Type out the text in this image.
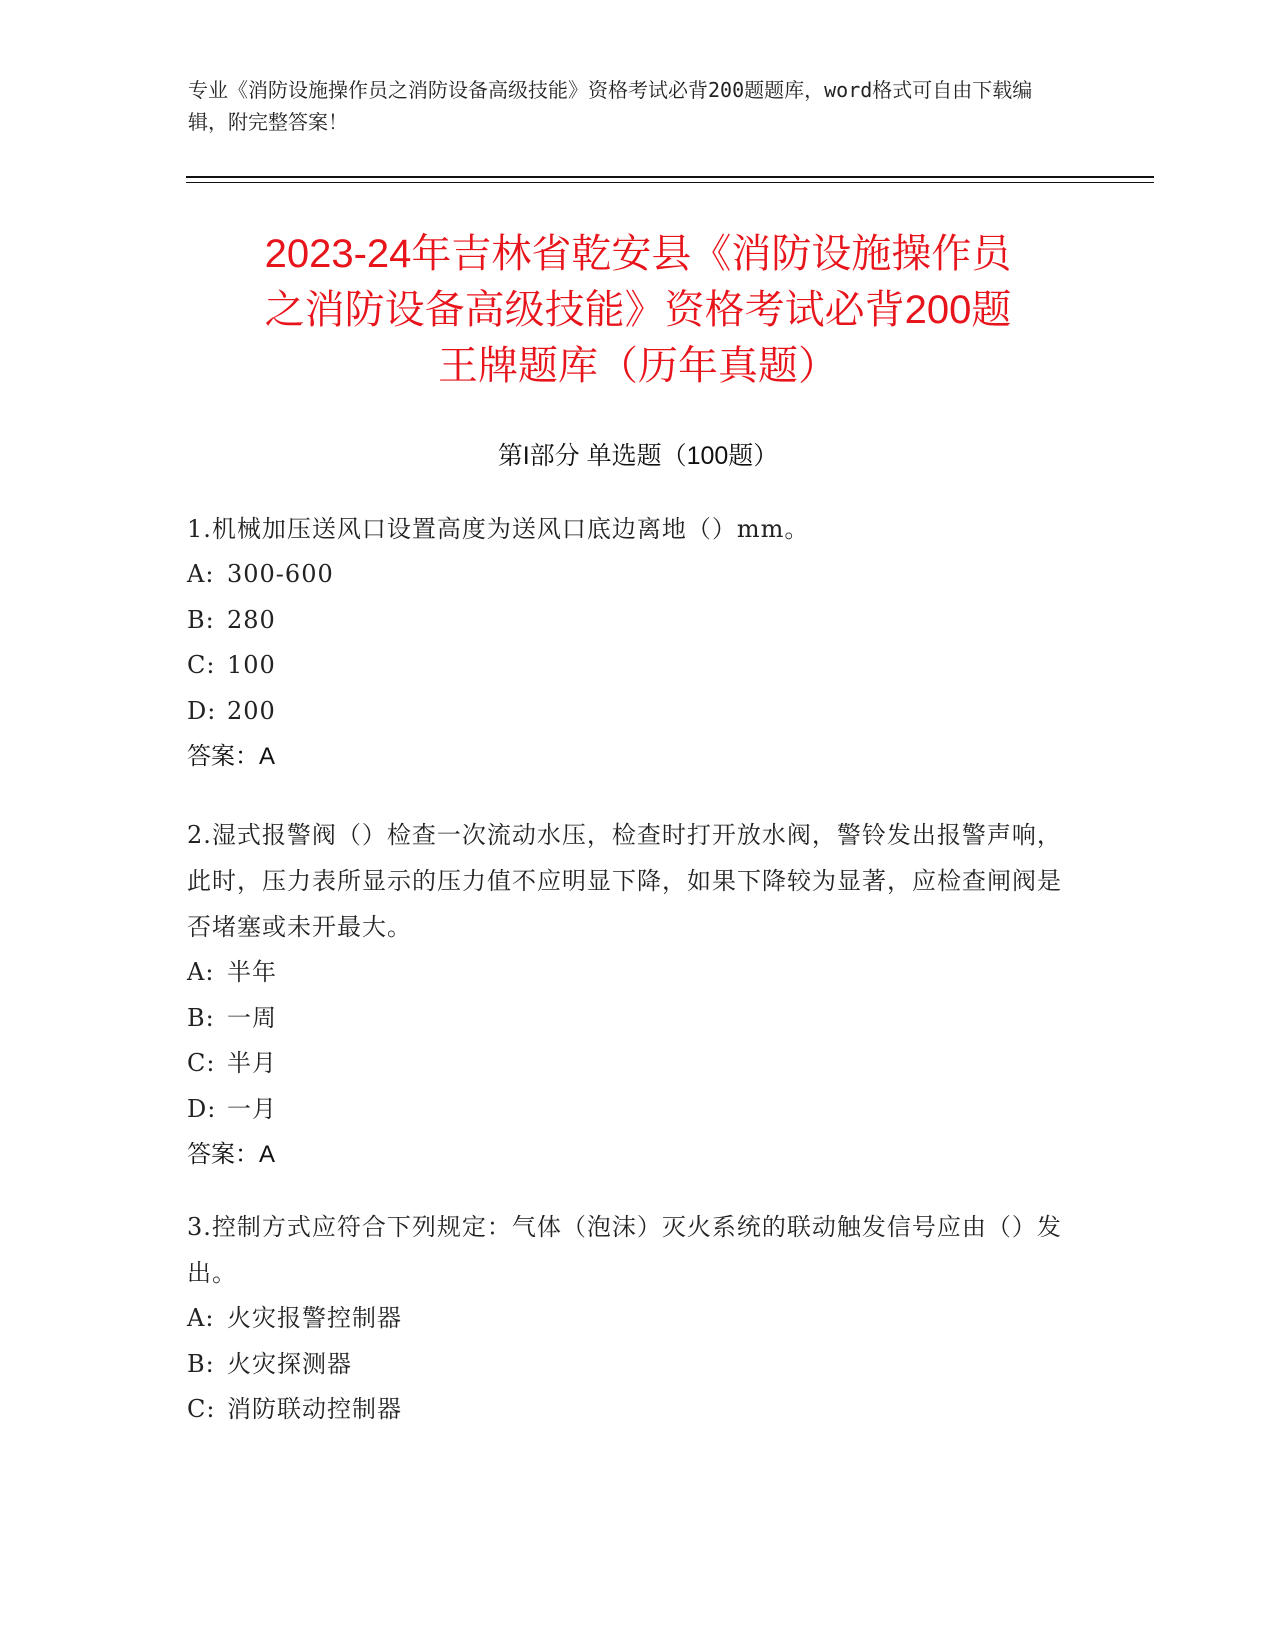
专业《消防设施操作员之消防设备高级技能》资格考试必背200题题库，word格式可自由下载编辑，附完整答案！
2023-24年吉林省乾安县《消防设施操作员
之消防设备高级技能》资格考试必背200题
王牌题库（历年真题）
第I部分 单选题（100题）
1.机械加压送风口设置高度为送风口底边离地（）mm。
A: 300-600
B: 280
C: 100
D: 200
答案：A
2.湿式报警阀（）检查一次流动水压，检查时打开放水阀，警铃发出报警声响，此时，压力表所显示的压力值不应明显下降，如果下降较为显著，应检查闸阀是否堵塞或未开最大。
A: 半年
B: 一周
C: 半月
D: 一月
答案：A
3.控制方式应符合下列规定：气体（泡沫）灭火系统的联动触发信号应由（）发出。
A: 火灾报警控制器
B: 火灾探测器
C: 消防联动控制器
